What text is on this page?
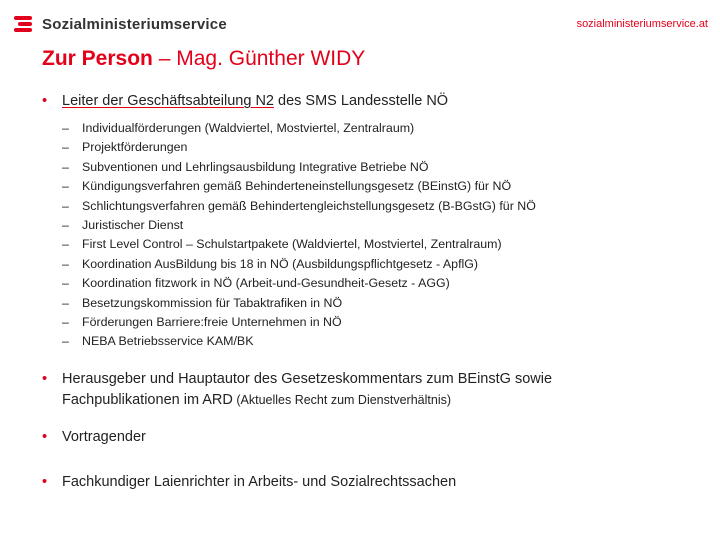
Sozialministeriumservice	sozialministeriumservice.at
Zur Person – Mag. Günther WIDY
• Leiter der Geschäftsabteilung N2 des SMS Landesstelle NÖ
– Individualförderungen (Waldviertel, Mostviertel, Zentralraum)
– Projektförderungen
– Subventionen und Lehrlingsausbildung Integrative Betriebe NÖ
– Kündigungsverfahren gemäß Behinderteneinstellungsgesetz (BEinstG) für NÖ
– Schlichtungsverfahren gemäß Behindertengleichstellungsgesetz (B-BGstG) für NÖ
– Juristischer Dienst
– First Level Control – Schulstartpakete (Waldviertel, Mostviertel, Zentralraum)
– Koordination AusBildung bis 18 in NÖ (Ausbildungspflichtgesetz - ApflG)
– Koordination fitzwork in NÖ (Arbeit-und-Gesundheit-Gesetz - AGG)
– Besetzungskommission für Tabaktrafiken in NÖ
– Förderungen Barriere:freie Unternehmen in NÖ
– NEBA Betriebsservice KAM/BK
• Herausgeber und Hauptautor des Gesetzeskommentars zum BEinstG sowie
Fachpublikationen im ARD (Aktuelles Recht zum Dienstverhältnis)
• Vortragender
• Fachkundiger Laienrichter in Arbeits- und Sozialrechtssachen
